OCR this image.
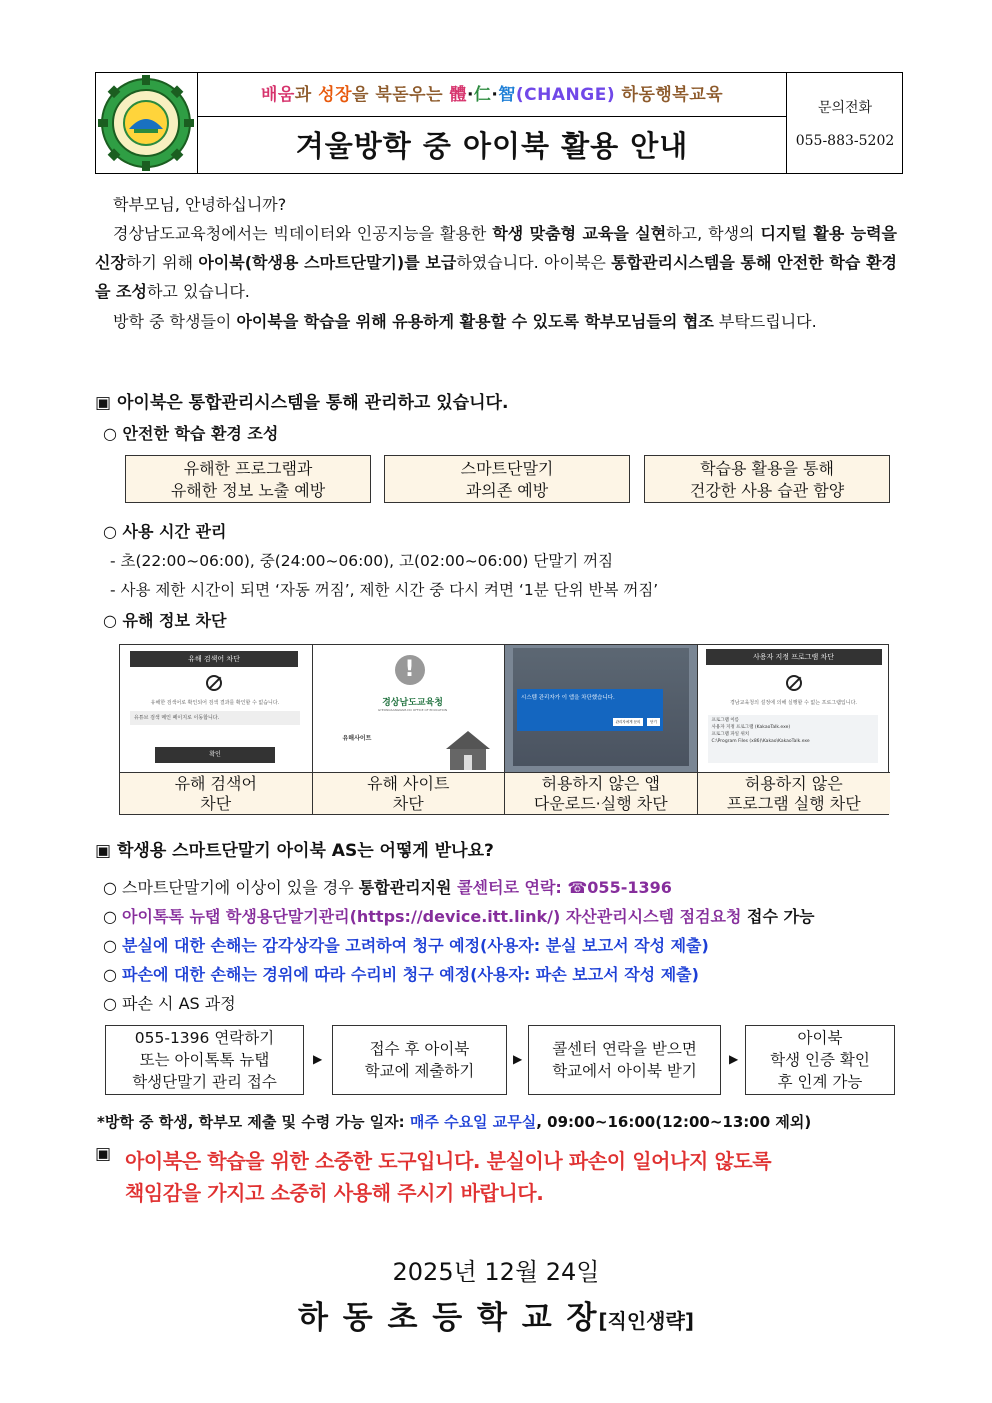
배움과 성장을 북돋우는 體·仁·智(CHANGE) 하동행복교육
겨울방학 중 아이북 활용 안내
문의전화
055-883-5202
학부모님, 안녕하십니까?
경상남도교육청에서는 빅데이터와 인공지능을 활용한 학생 맞춤형 교육을 실현하고, 학생의 디지털 활용 능력을 신장하기 위해 아이북(학생용 스마트단말기)를 보급하였습니다. 아이북은 통합관리시스템을 통해 안전한 학습 환경을 조성하고 있습니다.
방학 중 학생들이 아이북을 학습을 위해 유용하게 활용할 수 있도록 학부모님들의 협조 부탁드립니다.
▣ 아이북은 통합관리시스템을 통해 관리하고 있습니다.
○ 안전한 학습 환경 조성
유해한 프로그램과
유해한 정보 노출 예방
스마트단말기
과의존 예방
학습용 활용을 통해
건강한 사용 습관 함양
○ 사용 시간 관리
- 초(22:00~06:00), 중(24:00~06:00), 고(02:00~06:00) 단말기 꺼짐
- 사용 제한 시간이 되면 ‘자동 꺼짐’, 제한 시간 중 다시 켜면 ‘1분 단위 반복 꺼짐’
○ 유해 정보 차단
유해 검색어 차단
유해한 검색어로 확인되어 검색 결과를 확인할 수 없습니다.
유튜브 검색 메인 페이지로 이동합니다.
확인
!
경상남도교육청
GYEONGSANGNAM-DO OFFICE OF EDUCATION
유해사이트
시스템 관리자가 이 앱을 차단했습니다.
관리자에게 문의	닫기
사용자 지정 프로그램 차단
경남교육청의 설정에 의해 실행할 수 없는 프로그램입니다.
프로그램 이름
사용자 지정 프로그램 (KakaoTalk.exe)
프로그램 파일 위치
C:\Program Files (x86)\Kakao\KakaoTalk.exe
유해 검색어
차단
유해 사이트
차단
허용하지 않은 앱
다운로드·실행 차단
허용하지 않은
프로그램 실행 차단
▣ 학생용 스마트단말기 아이북 AS는 어떻게 받나요?
○ 스마트단말기에 이상이 있을 경우 통합관리지원 콜센터로 연락: ☎055-1396
○ 아이톡톡 뉴탭 학생용단말기관리(https://device.itt.link/) 자산관리시스템 점검요청 접수 가능
○ 분실에 대한 손해는 감각상각을 고려하여 청구 예정(사용자: 분실 보고서 작성 제출)
○ 파손에 대한 손해는 경위에 따라 수리비 청구 예정(사용자: 파손 보고서 작성 제출)
○ 파손 시 AS 과정
055-1396 연락하기
또는 아이톡톡 뉴탭
학생단말기 관리 접수
▶
접수 후 아이북
학교에 제출하기
▶
콜센터 연락을 받으면
학교에서 아이북 받기
▶
아이북
학생 인증 확인
후 인계 가능
*방학 중 학생, 학부모 제출 및 수령 가능 일자: 매주 수요일 교무실, 09:00~16:00(12:00~13:00 제외)
▣ 아이북은 학습을 위한 소중한 도구입니다. 분실이나 파손이 일어나지 않도록
책임감을 가지고 소중히 사용해 주시기 바랍니다.
2025년 12월 24일
하 동 초 등 학 교 장[직인생략]
